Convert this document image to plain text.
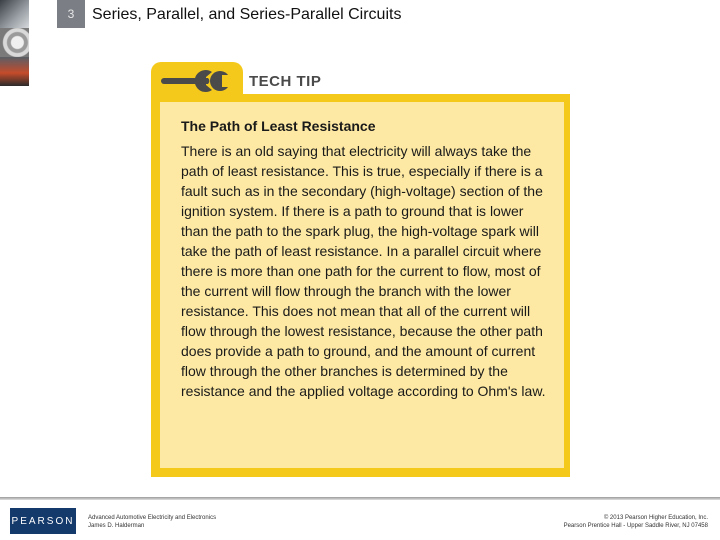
3	Series, Parallel, and Series-Parallel Circuits
TECH TIP
The Path of Least Resistance

There is an old saying that electricity will always take the path of least resistance. This is true, especially if there is a fault such as in the secondary (high-voltage) section of the ignition system. If there is a path to ground that is lower than the path to the spark plug, the high-voltage spark will take the path of least resistance. In a parallel circuit where there is more than one path for the current to flow, most of the current will flow through the branch with the lower resistance. This does not mean that all of the current will flow through the lowest resistance, because the other path does provide a path to ground, and the amount of current flow through the other branches is determined by the resistance and the applied voltage according to Ohm's law.

PEARSON Advanced Automotive Electricity and Electronics
James D. Halderman
© 2013 Pearson Higher Education, Inc.
Pearson Prentice Hall - Upper Saddle River, NJ 07458
